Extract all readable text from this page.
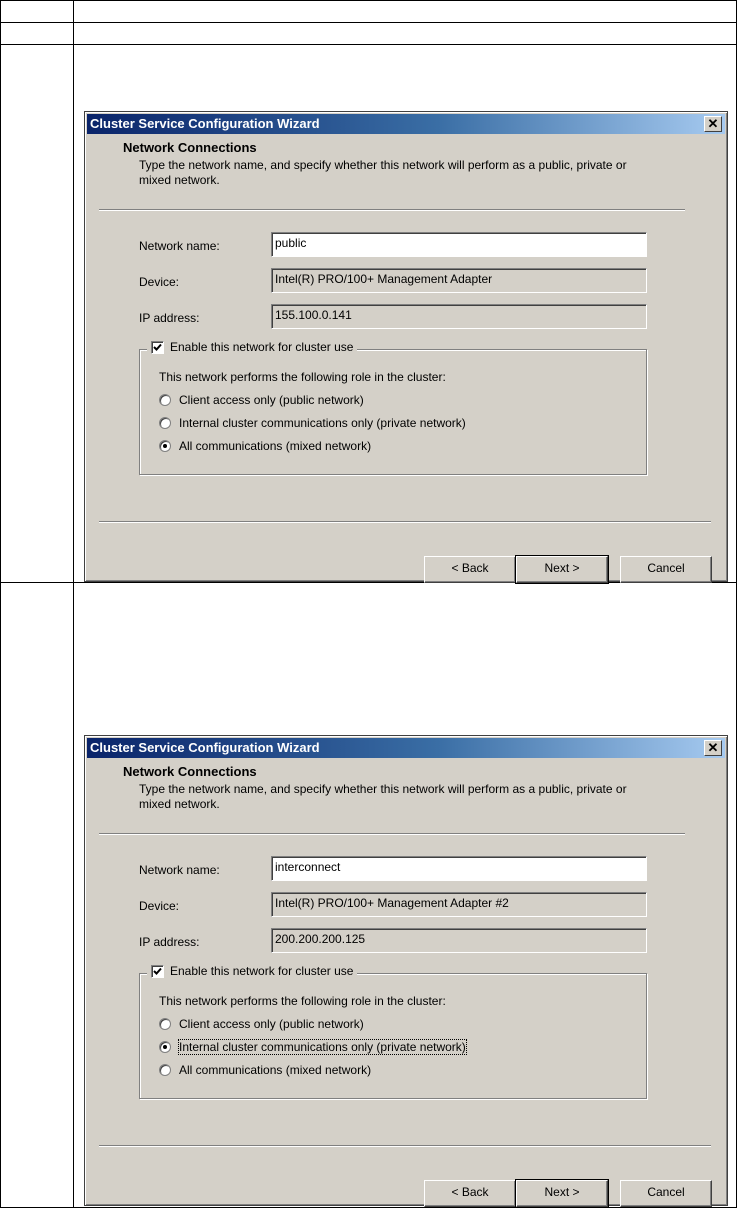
Cluster Service Configuration Wizard	✕
Network Connections
Type the network name, and specify whether this network will perform as a public, private or mixed network.
Network name:	public
Device:	Intel(R) PRO/100+ Management Adapter
IP address:	155.100.0.141
Enable this network for cluster use
This network performs the following role in the cluster:
Client access only (public network)
Internal cluster communications only (private network)
All communications (mixed network)
< Back	Next >	Cancel
Cluster Service Configuration Wizard	✕
Network Connections
Type the network name, and specify whether this network will perform as a public, private or mixed network.
Network name:	interconnect
Device:	Intel(R) PRO/100+ Management Adapter #2
IP address:	200.200.200.125
Enable this network for cluster use
This network performs the following role in the cluster:
Client access only (public network)
Internal cluster communications only (private network)
All communications (mixed network)
< Back	Next >	Cancel
